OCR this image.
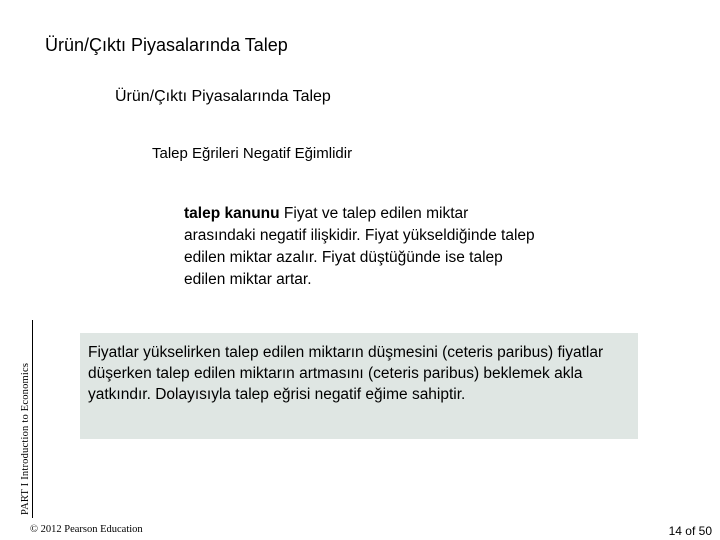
Ürün/Çıktı Piyasalarında Talep
Ürün/Çıktı Piyasalarında Talep
Talep Eğrileri Negatif Eğimlidir
talep kanunu Fiyat ve talep edilen miktar arasındaki negatif ilişkidir. Fiyat yükseldiğinde talep edilen miktar azalır. Fiyat düştüğünde ise talep edilen miktar artar.
Fiyatlar yükselirken talep edilen miktarın düşmesini (ceteris paribus) fiyatlar düşerken talep edilen miktarın artmasını (ceteris paribus) beklemek akla yatkındır. Dolayısıyla talep eğrisi negatif eğime sahiptir.
PART I Introduction to Economics
© 2012 Pearson Education	14 of 50
